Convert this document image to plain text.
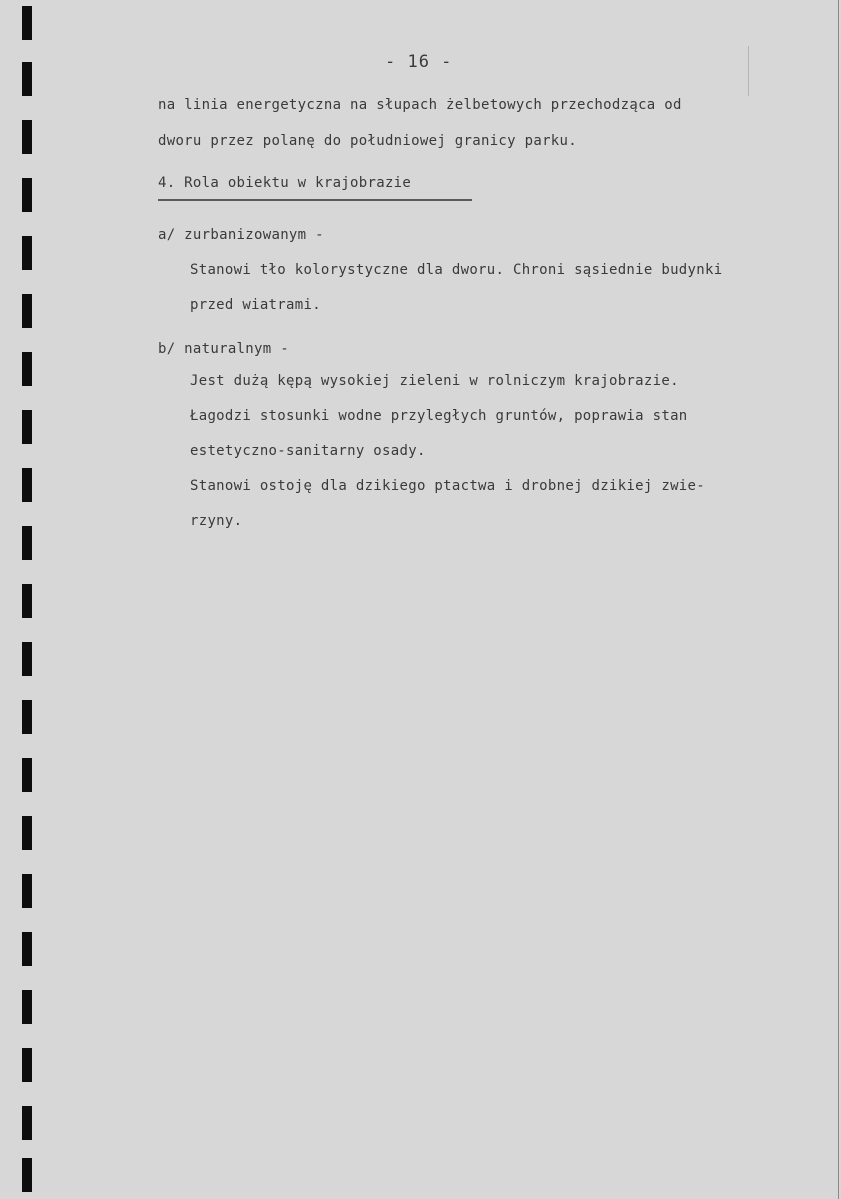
- 16 -
na linia energetyczna na słupach żelbetowych przechodząca od
dworu przez polanę do południowej granicy parku.
4. Rola obiektu w krajobrazie
a/ zurbanizowanym -
Stanowi tło kolorystyczne dla dworu. Chroni sąsiednie budynki
przed wiatrami.
b/ naturalnym -
Jest dużą kępą wysokiej zieleni w rolniczym krajobrazie.
Łagodzi stosunki wodne przyległych gruntów, poprawia stan
estetyczno-sanitarny osady.
Stanowi ostoję dla dzikiego ptactwa i drobnej dzikiej zwie-
rzyny.
